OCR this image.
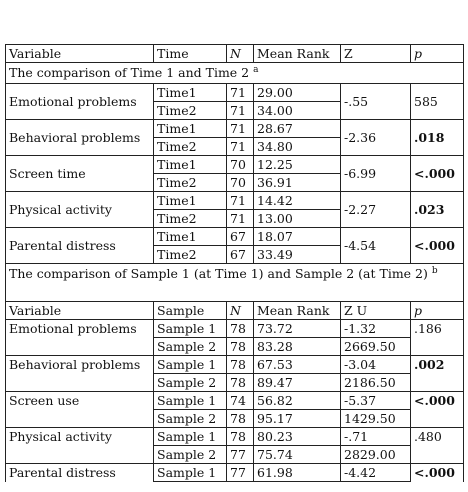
Variable	Time	N	Mean Rank	Z	p
The comparison of Time 1 and Time 2 $^a$
Emotional problems	Time1	71	29.00	-.55	585
	Time2	71	34.00		
Behavioral problems	Time1	71	28.67	-2.36	.018
	Time2	71	34.80		
Screen time	Time1	70	12.25	-6.99	<.000
	Time2	70	36.91		
Physical activity	Time1	71	14.42	-2.27	.023
	Time2	71	13.00		
Parental distress	Time1	67	18.07	-4.54	<.000
	Time2	67	33.49		
The comparison of Sample 1 (at Time 1) and Sample 2 (at Time 2) $^b$
Variable	Sample	N	Mean Rank	Z U	p
Emotional problems	Sample 1	78	73.72	-1.32	.186
	Sample 2	78	83.28	2669.50	
Behavioral problems	Sample 1	78	67.53	-3.04	.002
	Sample 2	78	89.47	2186.50	
Screen use	Sample 1	74	56.82	-5.37	<.000
	Sample 2	78	95.17	1429.50	
Physical activity	Sample 1	78	80.23	-.71	.480
	Sample 2	77	75.74	2829.00	
Parental distress	Sample 1	77	61.98	-4.42	<.000
